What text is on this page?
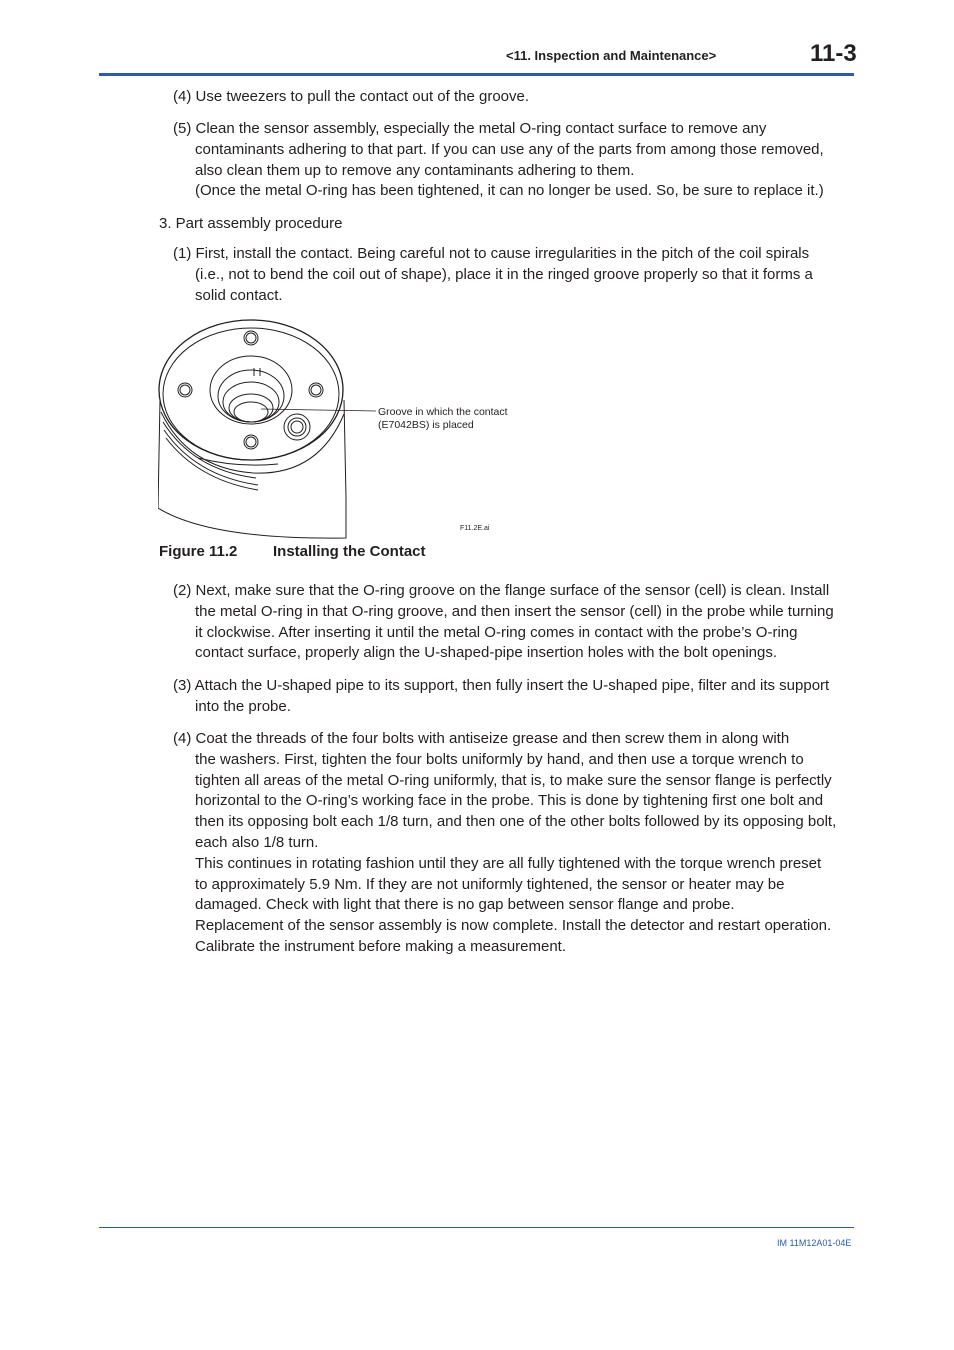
<11. Inspection and Maintenance>	11-3
(4) Use tweezers to pull the contact out of the groove.
(5) Clean the sensor assembly, especially the metal O-ring contact surface to remove any
contaminants adhering to that part. If you can use any of the parts from among those removed,
also clean them up to remove any contaminants adhering to them.
(Once the metal O-ring has been tightened, it can no longer be used. So, be sure to replace it.)
3. Part assembly procedure
(1) First, install the contact. Being careful not to cause irregularities in the pitch of the coil spirals
(i.e., not to bend the coil out of shape), place it in the ringed groove properly so that it forms a
solid contact.
Groove in which the contact
(E7042BS) is placed
F11.2E.ai
Figure 11.2 Installing the Contact
(2) Next, make sure that the O-ring groove on the flange surface of the sensor (cell) is clean. Install
the metal O-ring in that O-ring groove, and then insert the sensor (cell) in the probe while turning
it clockwise. After inserting it until the metal O-ring comes in contact with the probe’s O-ring
contact surface, properly align the U-shaped-pipe insertion holes with the bolt openings.
(3) Attach the U-shaped pipe to its support, then fully insert the U-shaped pipe, filter and its support
into the probe.
(4) Coat the threads of the four bolts with antiseize grease and then screw them in along with
the washers. First, tighten the four bolts uniformly by hand, and then use a torque wrench to
tighten all areas of the metal O-ring uniformly, that is, to make sure the sensor flange is perfectly
horizontal to the O-ring’s working face in the probe. This is done by tightening first one bolt and
then its opposing bolt each 1/8 turn, and then one of the other bolts followed by its opposing bolt,
each also 1/8 turn.
This continues in rotating fashion until they are all fully tightened with the torque wrench preset
to approximately 5.9 Nm. If they are not uniformly tightened, the sensor or heater may be
damaged. Check with light that there is no gap between sensor flange and probe.
Replacement of the sensor assembly is now complete. Install the detector and restart operation.
Calibrate the instrument before making a measurement.
IM 11M12A01-04E
